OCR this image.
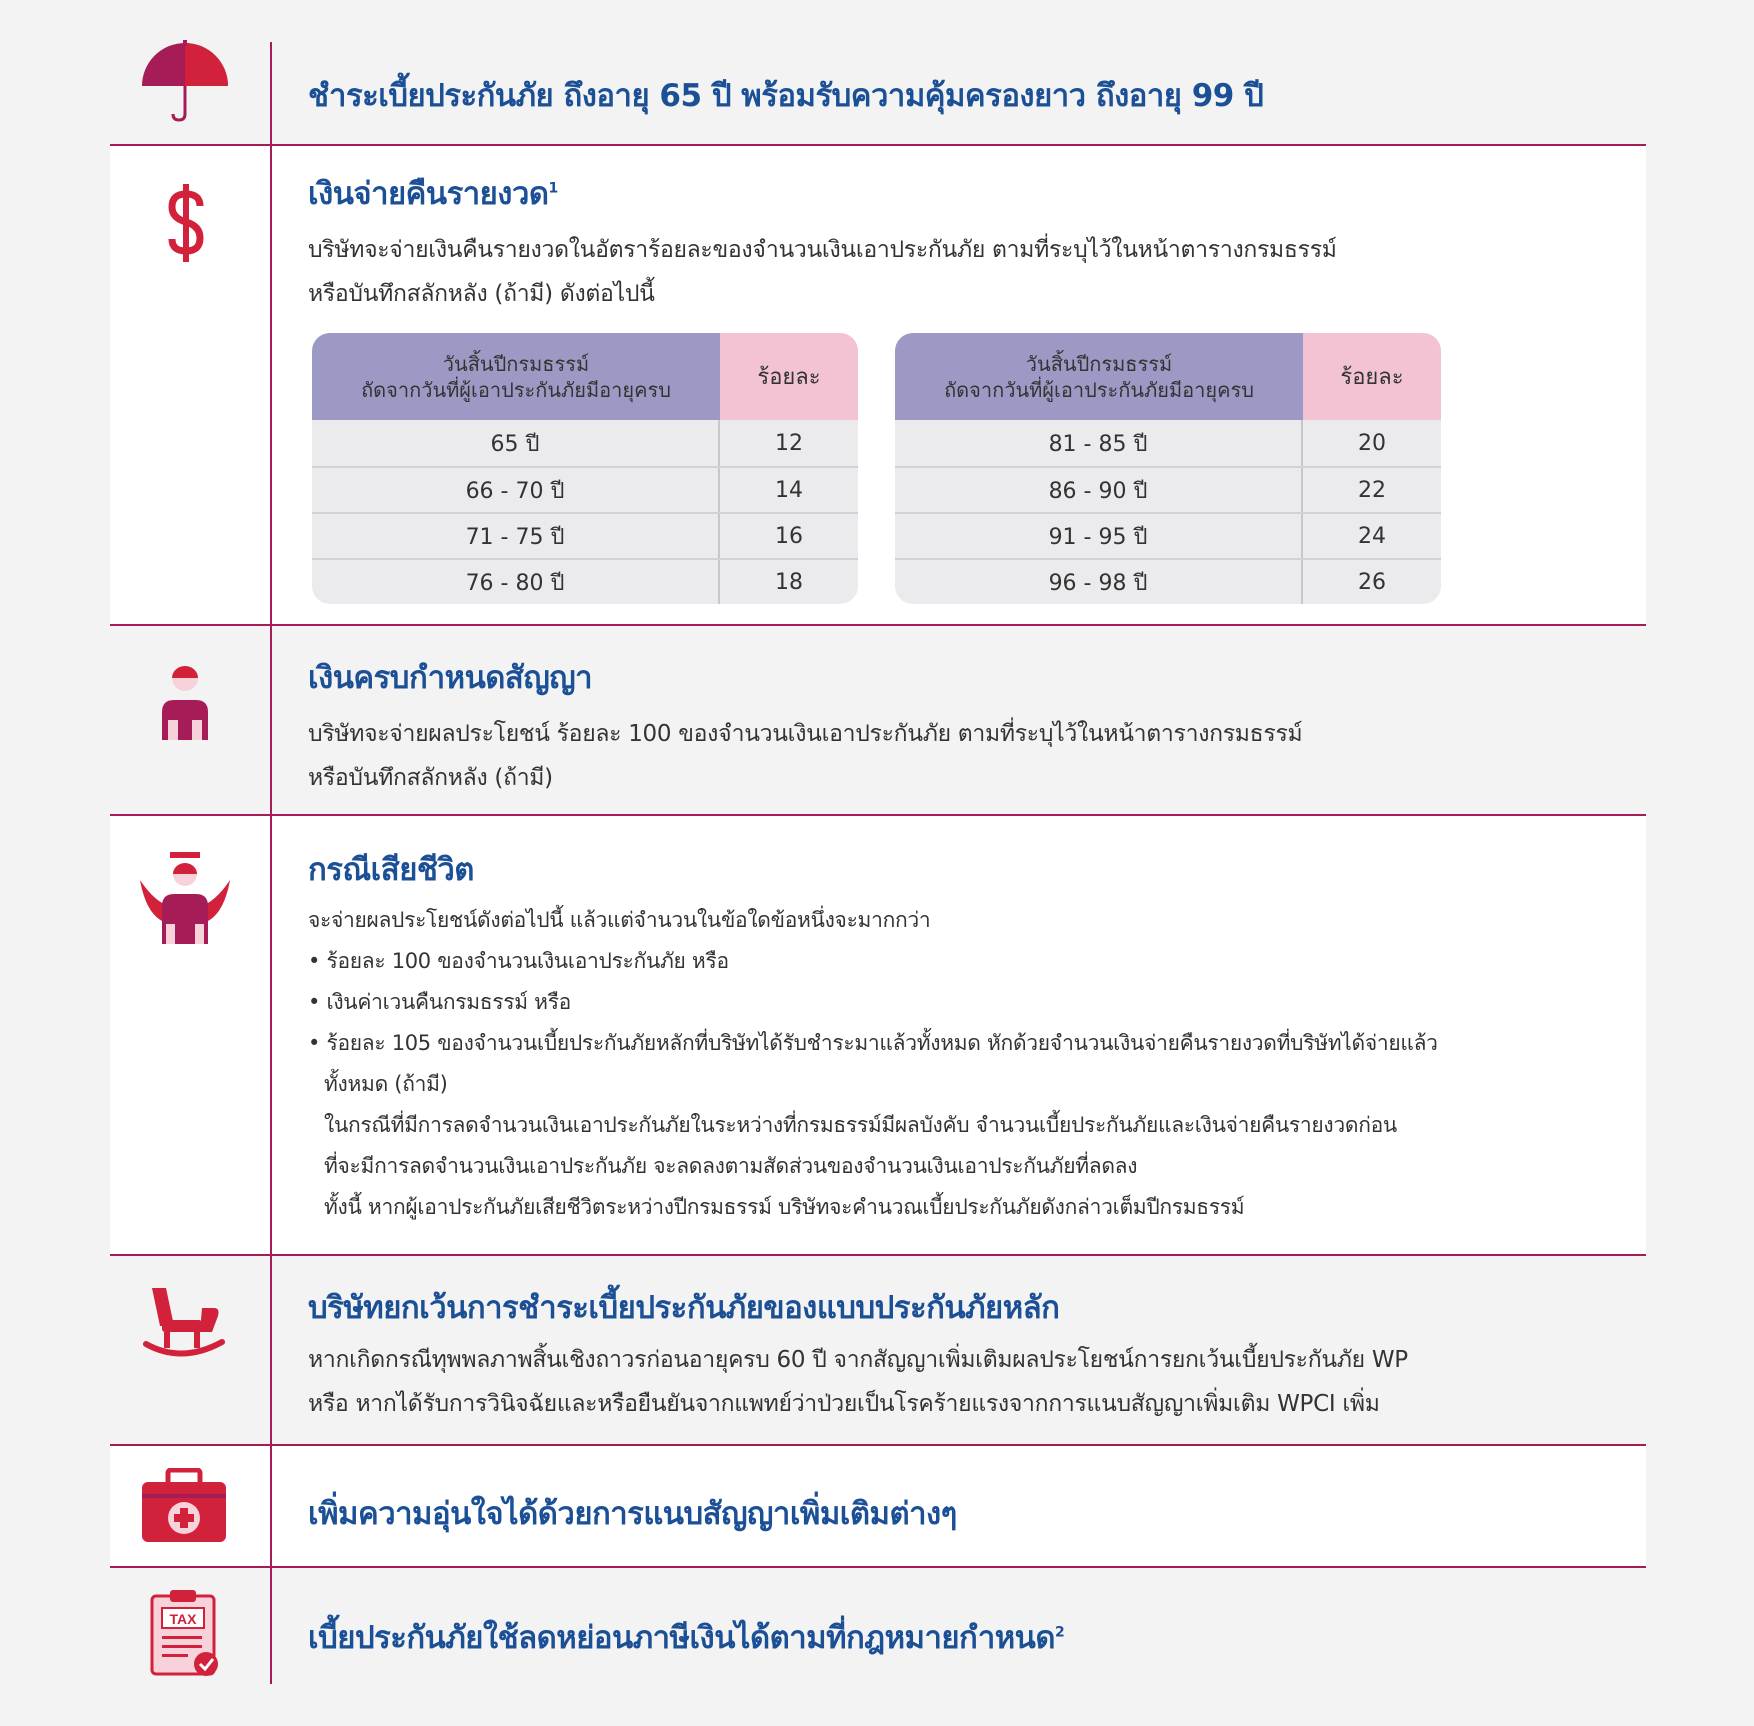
ชำระเบี้ยประกันภัย ถึงอายุ 65 ปี พร้อมรับความคุ้มครองยาว ถึงอายุ 99 ปี
เงินจ่ายคืนรายงวด$^1$

บริษัทจะจ่ายเงินคืนรายงวดในอัตราร้อยละของจำนวนเงินเอาประกันภัย ตามที่ระบุไว้ในหน้าตารางกรมธรรม์

หรือบันทึกสลักหลัง (ถ้ามี) ดังต่อไปนี้

วันสิ้นปีกรมธรรม์
ถัดจากวันที่ผู้เอาประกันภัยมีอายุครบ	ร้อยละ
65 ปี	12
66 - 70 ปี	14
71 - 75 ปี	16
76 - 80 ปี	18
วันสิ้นปีกรมธรรม์
ถัดจากวันที่ผู้เอาประกันภัยมีอายุครบ	ร้อยละ
81 - 85 ปี	20
86 - 90 ปี	22
91 - 95 ปี	24
96 - 98 ปี	26
เงินครบกำหนดสัญญา

บริษัทจะจ่ายผลประโยชน์ ร้อยละ 100 ของจำนวนเงินเอาประกันภัย ตามที่ระบุไว้ในหน้าตารางกรมธรรม์

หรือบันทึกสลักหลัง (ถ้ามี)

กรณีเสียชีวิต

จะจ่ายผลประโยชน์ดังต่อไปนี้ แล้วแต่จำนวนในข้อใดข้อหนึ่งจะมากกว่า

• ร้อยละ 100 ของจำนวนเงินเอาประกันภัย หรือ

• เงินค่าเวนคืนกรมธรรม์ หรือ

• ร้อยละ 105 ของจำนวนเบี้ยประกันภัยหลักที่บริษัทได้รับชำระมาแล้วทั้งหมด หักด้วยจำนวนเงินจ่ายคืนรายงวดที่บริษัทได้จ่ายแล้ว

ทั้งหมด (ถ้ามี)

ในกรณีที่มีการลดจำนวนเงินเอาประกันภัยในระหว่างที่กรมธรรม์มีผลบังคับ จำนวนเบี้ยประกันภัยและเงินจ่ายคืนรายงวดก่อน

ที่จะมีการลดจำนวนเงินเอาประกันภัย จะลดลงตามสัดส่วนของจำนวนเงินเอาประกันภัยที่ลดลง

ทั้งนี้ หากผู้เอาประกันภัยเสียชีวิตระหว่างปีกรมธรรม์ บริษัทจะคำนวณเบี้ยประกันภัยดังกล่าวเต็มปีกรมธรรม์

บริษัทยกเว้นการชำระเบี้ยประกันภัยของแบบประกันภัยหลัก

หากเกิดกรณีทุพพลภาพสิ้นเชิงถาวรก่อนอายุครบ 60 ปี จากสัญญาเพิ่มเติมผลประโยชน์การยกเว้นเบี้ยประกันภัย WP

หรือ หากได้รับการวินิจฉัยและหรือยืนยันจากแพทย์ว่าป่วยเป็นโรคร้ายแรงจากการแนบสัญญาเพิ่มเติม WPCI เพิ่ม

เพิ่มความอุ่นใจได้ด้วยการแนบสัญญาเพิ่มเติมต่างๆ
TAX
เบี้ยประกันภัยใช้ลดหย่อนภาษีเงินได้ตามที่กฎหมายกำหนด$^2$
